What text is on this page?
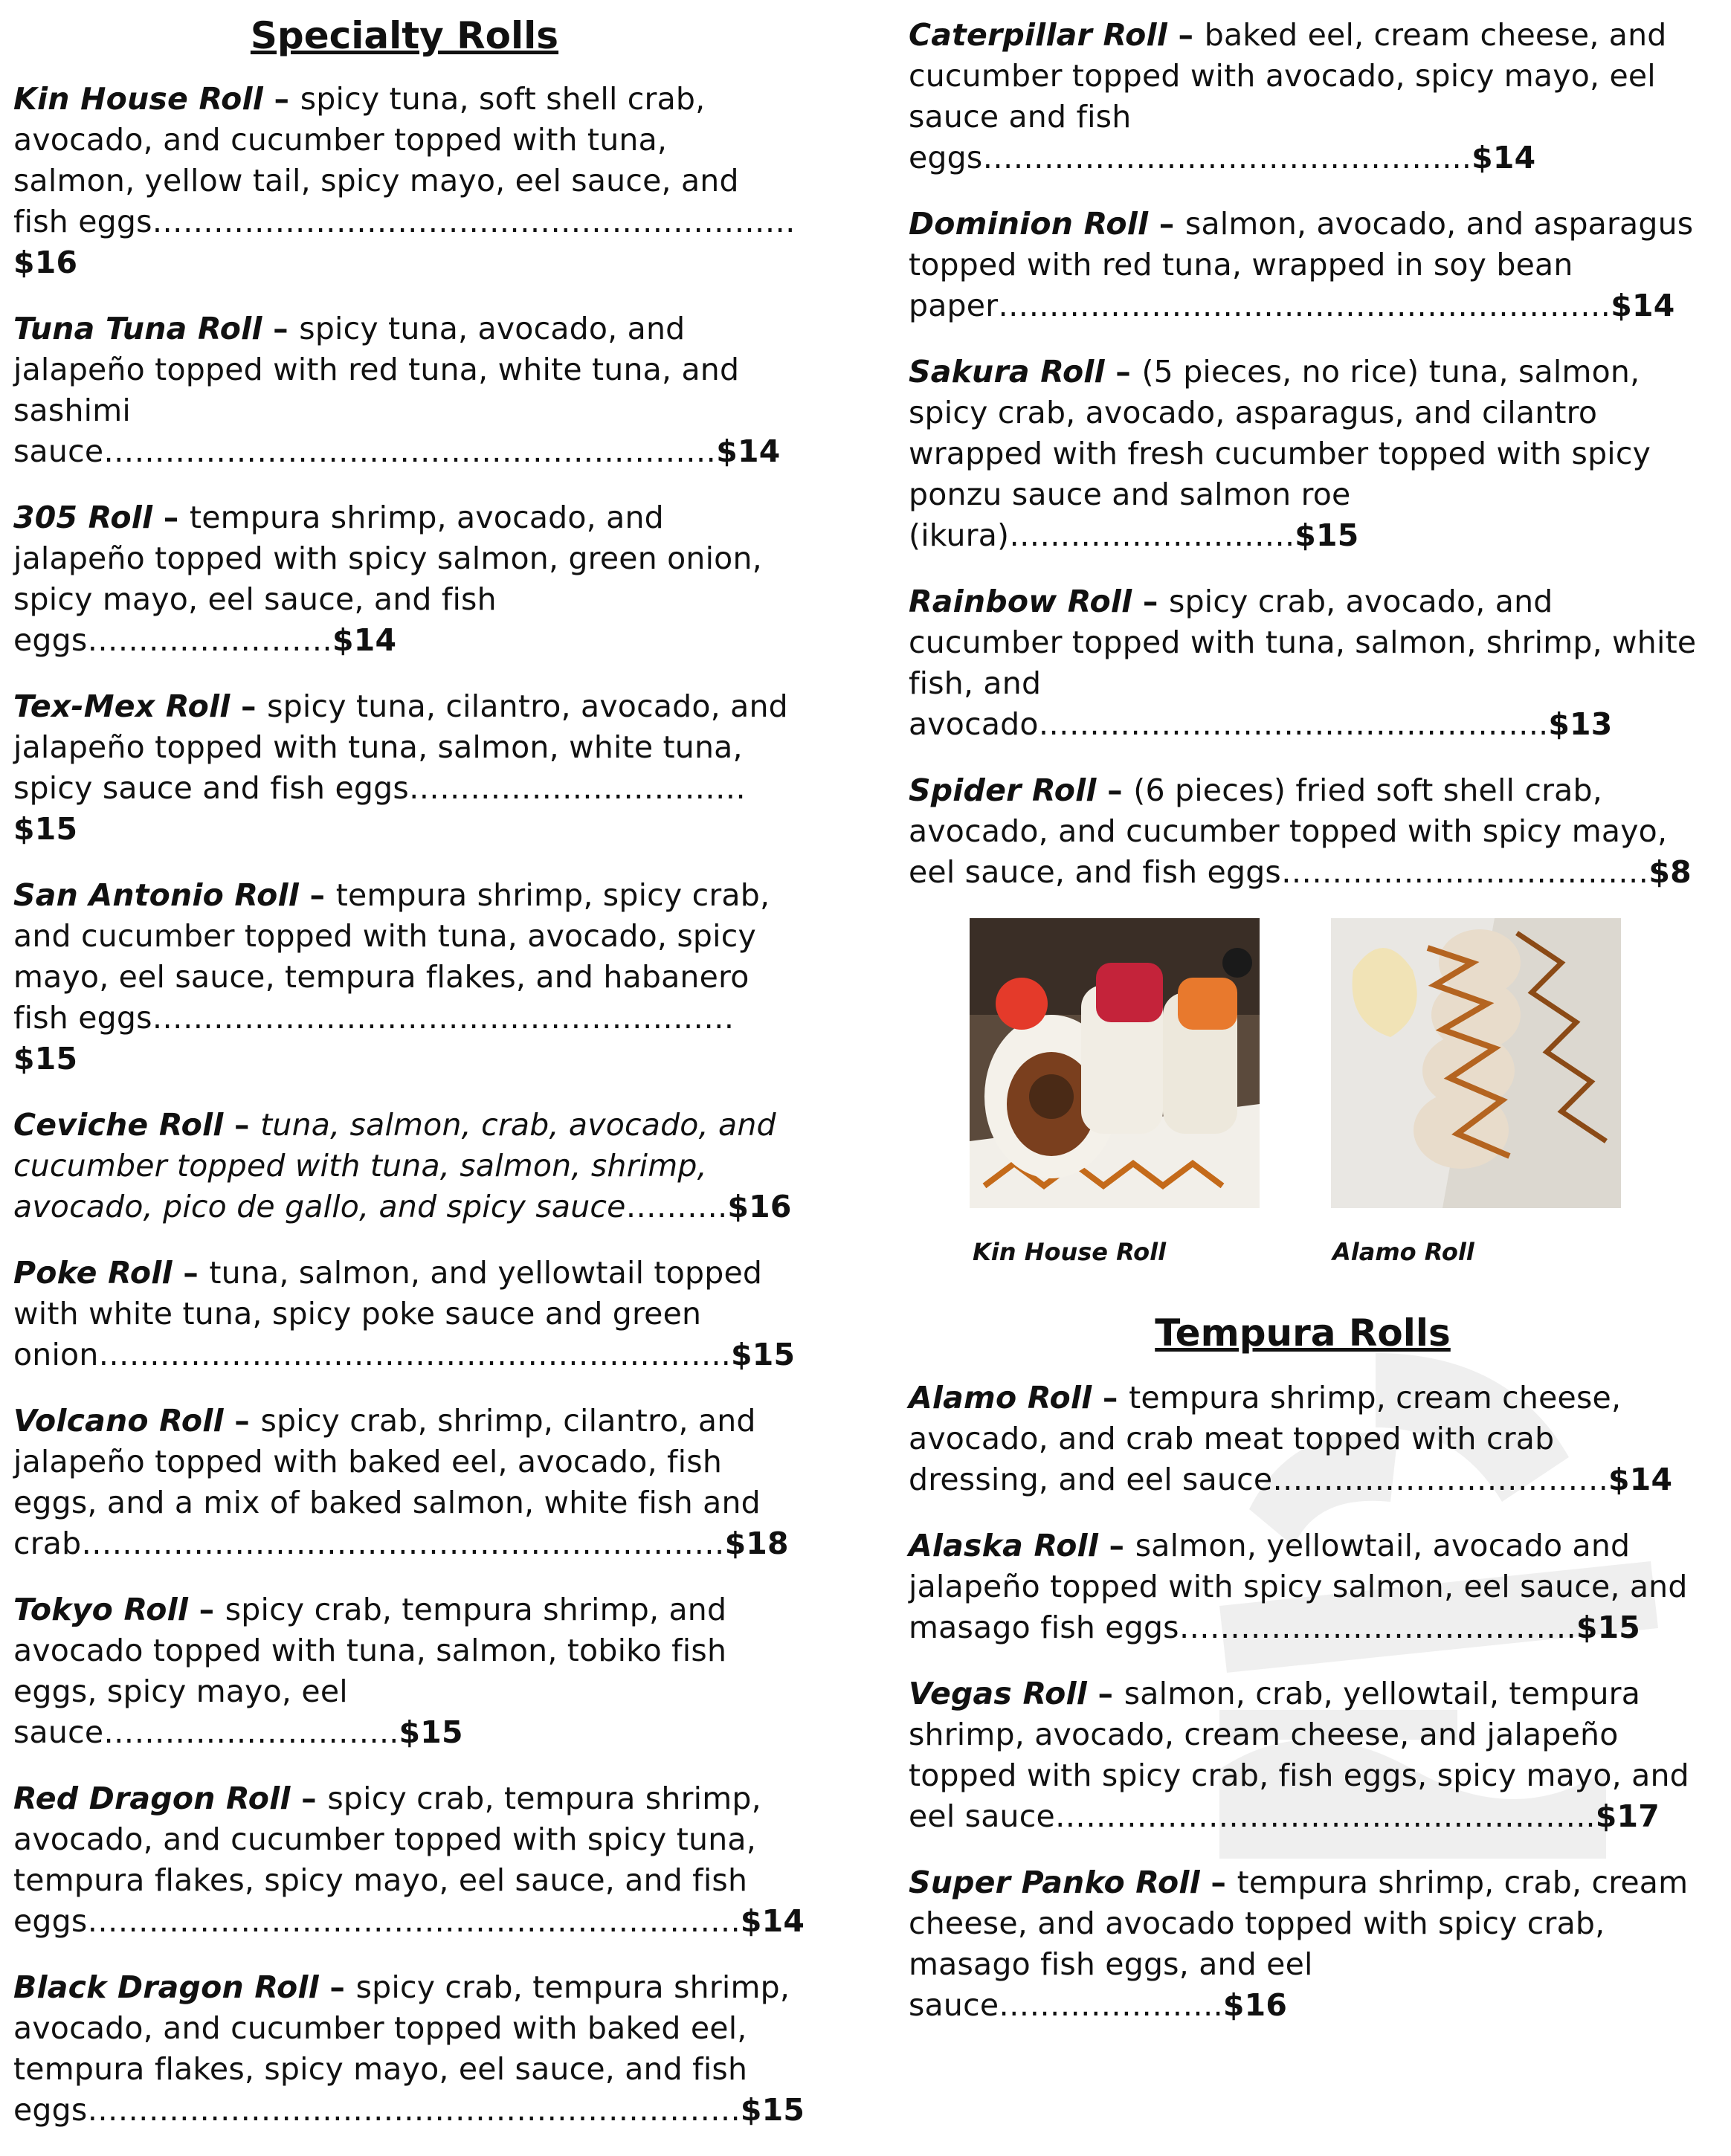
Specialty Rolls

Kin House Roll – spicy tuna, soft shell crab, avocado, and cucumber topped with tuna, salmon, yellow tail, spicy mayo, eel sauce, and fish eggs………………………………………………………$16

Tuna Tuna Roll – spicy tuna, avocado, and jalapeño topped with red tuna, white tuna, and sashimi sauce……………………………………………………$14

305 Roll – tempura shrimp, avocado, and jalapeño topped with spicy salmon, green onion, spicy mayo, eel sauce, and fish eggs……………………$14

Tex-Mex Roll – spicy tuna, cilantro, avocado, and jalapeño topped with tuna, salmon, white tuna, spicy sauce and fish eggs……………………………$15

San Antonio Roll – tempura shrimp, spicy crab, and cucumber topped with tuna, avocado, spicy mayo, eel sauce, tempura flakes, and habanero fish eggs…………………………………………………$15

Ceviche Roll – tuna, salmon, crab, avocado, and cucumber topped with tuna, salmon, shrimp, avocado, pico de gallo, and spicy sauce……….$16

Poke Roll – tuna, salmon, and yellowtail topped with white tuna, spicy poke sauce and green onion……………………………………………………..$15

Volcano Roll – spicy crab, shrimp, cilantro, and jalapeño topped with baked eel, avocado, fish eggs, and a mix of baked salmon, white fish and crab………………………………………………………$18

Tokyo Roll – spicy crab, tempura shrimp, and avocado topped with tuna, salmon, tobiko fish eggs, spicy mayo, eel sauce………………………..$15

Red Dragon Roll – spicy crab, tempura shrimp, avocado, and cucumber topped with spicy tuna, tempura flakes, spicy mayo, eel sauce, and fish eggs……………………………………………………….$14

Black Dragon Roll – spicy crab, tempura shrimp, avocado, and cucumber topped with baked eel, tempura flakes, spicy mayo, eel sauce, and fish eggs……………………………………………………….$15

Caterpillar Roll – baked eel, cream cheese, and cucumber topped with avocado, spicy mayo, eel sauce and fish eggs………………………………………...$14

Dominion Roll – salmon, avocado, and asparagus topped with red tuna, wrapped in soy bean paper……………………………………………………$14

Sakura Roll – (5 pieces, no rice) tuna, salmon, spicy crab, avocado, asparagus, and cilantro wrapped with fresh cucumber topped with spicy ponzu sauce and salmon roe (ikura)……………………….$15

Rainbow Roll – spicy crab, avocado, and cucumber topped with tuna, salmon, shrimp, white fish, and avocado…………………………………………..$13

Spider Roll – (6 pieces) fried soft shell crab, avocado, and cucumber topped with spicy mayo, eel sauce, and fish eggs………………………………$8

Kin House Roll	Alamo Roll
Tempura Rolls

Alamo Roll – tempura shrimp, cream cheese, avocado, and crab meat topped with crab dressing, and eel sauce………………………..….$14

Alaska Roll – salmon, yellowtail, avocado and jalapeño topped with spicy salmon, eel sauce, and masago fish eggs………………………..……….$15

Vegas Roll – salmon, crab, yellowtail, tempura shrimp, avocado, cream cheese, and jalapeño topped with spicy crab, fish eggs, spicy mayo, and eel sauce……………………………………………..$17

Super Panko Roll – tempura shrimp, crab, cream cheese, and avocado topped with spicy crab, masago fish eggs, and eel sauce………………….$16
